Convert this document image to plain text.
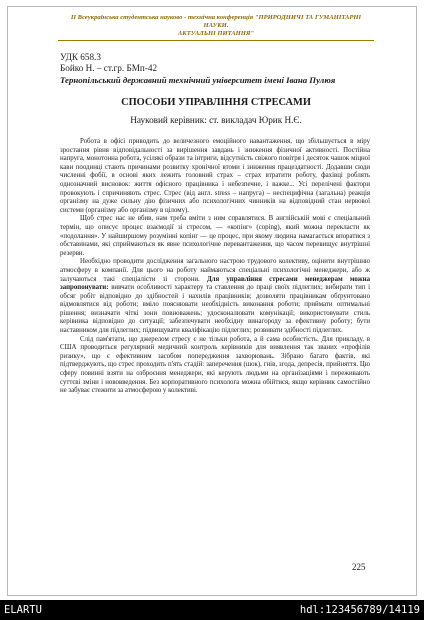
II Всеукраїнська студентська науково - технічна конференція "ПРИРОДНИЧІ ТА ГУМАНІТАРНІ НАУКИ.
АКТУАЛЬНІ ПИТАННЯ"
УДК 658.3
Бойко Н. – ст.гр. БМп-42
Тернопільський державний технічний університет імені Івана Пулюя
СПОСОБИ УПРАВЛІННЯ СТРЕСАМИ
Науковий керівник: ст. викладач Юрик Н.Є.

Робота в офісі приводить до величезного емоційного навантаження, що збільшується в міру зростання рівня відповідальності за вирішення завдань і зниження фізичної активності. Постійна напруга, монотонна робота, усілякі образи та інтриги, відсутність свіжого повітря і десяток чашок міцної кави поодинці стають причинами розвитку хронічної втоми і зниження працездатності. Додавши сюди численні фобії, в основі яких лежить головний страх – страх втратити роботу, фахівці роблять однозначний висновок: життя офісного працівника і небезпечне, і важке... Усі перелічені фактори провокують і спричиняють стрес. Стрес (від англ. stress – напруга) – неспецифічна (загальна) реакція організму на дуже сильну дію фізичних або психологічних чинників на відповідний стан нервової системи (організму або організму в цілому).

Щоб стрес нас не вбив, нам треба вміти з ним справлятися. В англійській мові є спеціальний термін, що описує процес взаємодії зі стресом, — «копінг» (coping), який можна перекласти як «подолання». У найширшому розумінні копінг — це процес, при якому людина намагається впоратися з обставинами, які сприймаються як явне психологічне перевантаження, що часом перевищує внутрішні резерви.

Необхідно проводити дослідження загального настрою трудового колективу, оцінити внутрішню атмосферу в компанії. Для цього на роботу наймаються спеціальні психологічні менеджери, або ж залучаються такі спеціалісти зі сторони. Для управління стресами менеджерам можна запропонувати: вивчати особливості характеру та ставлення до праці своїх підлеглих; вибирати тип і обсяг робіт відповідно до здібностей і нахилів працівників; дозволяти працівникам обґрунтовано відмовлятися від роботи; вміло пояснювати необхідність виконання роботи; приймати оптимальні рішення; визначати чіткі зони повноважень; удосконалювати комунікації; використовувати стиль керівника відповідно до ситуації; забезпечувати необхідну винагороду за ефективну роботу; бути наставником для підлеглих; підвищувати кваліфікацію підлеглих; розвивати здібності підлеглих.

Слід пам'ятати, що джерелом стресу є не тільки робота, а й сама особистість. Для прикладу, в США проводиться регулярний медичний контроль керівників для виявлення так званих «профілів ризику», що є ефективним засобом попередження захворювань. Зібрано багато фактів, які підтверджують, що стрес проходить п'ять стадій: заперечення (шок), гнів, згода, депресія, прийняття. Цю сферу повинні взяти на озброєння менеджери, які керують людьми на організаціями і переживають суттєві зміни і нововведення. Без корпоративного психолога можна обійтися, якщо керівник самостійно не забуває стежити за атмосферою у колективі.

225
ELARTU	hdl:123456789/14119
